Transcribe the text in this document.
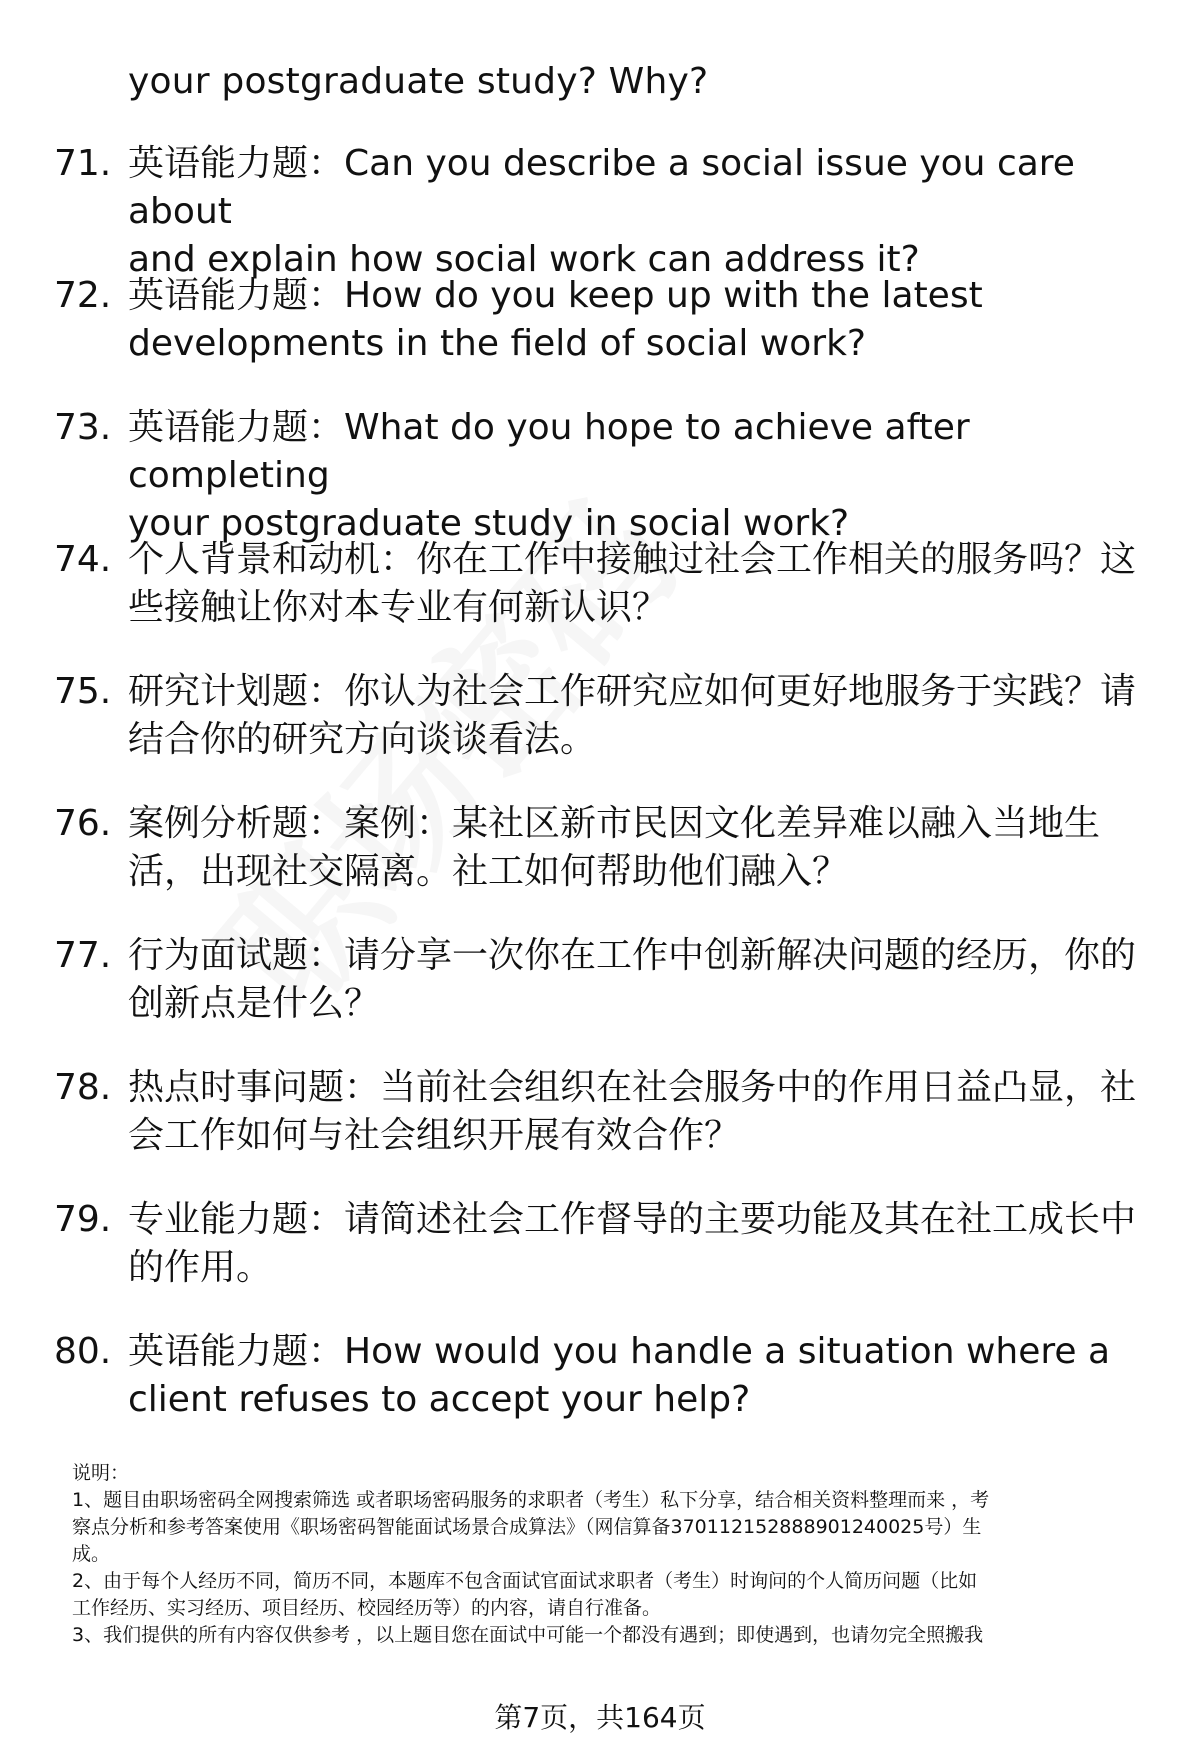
your postgraduate study? Why?
71. 英语能力题：Can you describe a social issue you care about
and explain how social work can address it?
72. 英语能力题：How do you keep up with the latest
developments in the field of social work?
73. 英语能力题：What do you hope to achieve after completing
your postgraduate study in social work?
74. 个人背景和动机：你在工作中接触过社会工作相关的服务吗？这
些接触让你对本专业有何新认识？
75. 研究计划题：你认为社会工作研究应如何更好地服务于实践？请
结合你的研究方向谈谈看法。
76. 案例分析题：案例：某社区新市民因文化差异难以融入当地生
活，出现社交隔离。社工如何帮助他们融入？
77. 行为面试题：请分享一次你在工作中创新解决问题的经历，你的
创新点是什么？
78. 热点时事问题：当前社会组织在社会服务中的作用日益凸显，社
会工作如何与社会组织开展有效合作？
79. 专业能力题：请简述社会工作督导的主要功能及其在社工成长中
的作用。
80. 英语能力题：How would you handle a situation where a
client refuses to accept your help?

说明：

1、题目由职场密码全网搜索筛选 或者职场密码服务的求职者（考生）私下分享，结合相关资料整理而来 ，考

察点分析和参考答案使用《职场密码智能面试场景合成算法》（网信算备37011215288890124​0025号）生

成。

2、由于每个人经历不同，简历不同，本题库不包含面试官面试求职者（考生）时询问的个人简历问题（比如

工作经历、实习经历、项目经历、校园经历等）的内容，请自行准备。

3、我们提供的所有内容仅供参考 ，以上题目您在面试中可能一个都没有遇到；即使遇到，也请勿完全照搬我

第7页，共164页
